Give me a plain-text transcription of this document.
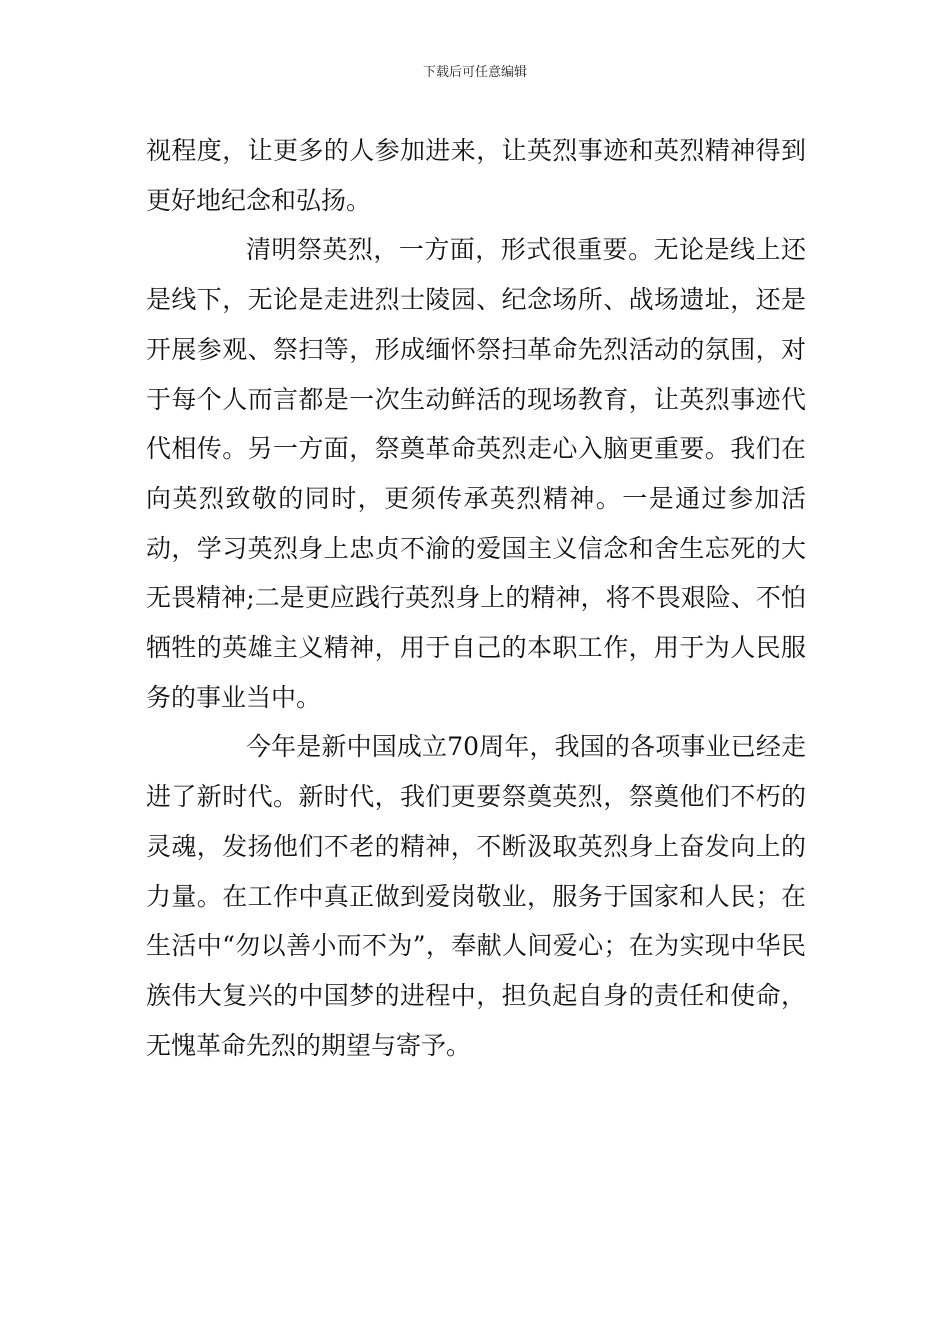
下载后可任意编辑

视程度，让更多的人参加进来，让英烈事迹和英烈精神得到更好地纪念和弘扬。

清明祭英烈，一方面，形式很重要。无论是线上还是线下，无论是走进烈士陵园、纪念场所、战场遗址，还是开展参观、祭扫等，形成缅怀祭扫革命先烈活动的氛围，对于每个人而言都是一次生动鲜活的现场教育，让英烈事迹代代相传。另一方面，祭奠革命英烈走心入脑更重要。我们在向英烈致敬的同时，更须传承英烈精神。一是通过参加活动，学习英烈身上忠贞不渝的爱国主义信念和舍生忘死的大无畏精神;二是更应践行英烈身上的精神，将不畏艰险、不怕牺牲的英雄主义精神，用于自己的本职工作，用于为人民服务的事业当中。

今年是新中国成立70周年，我国的各项事业已经走进了新时代。新时代，我们更要祭奠英烈，祭奠他们不朽的灵魂，发扬他们不老的精神，不断汲取英烈身上奋发向上的力量。在工作中真正做到爱岗敬业，服务于国家和人民；在生活中“勿以善小而不为”，奉献人间爱心；在为实现中华民族伟大复兴的中国梦的进程中，担负起自身的责任和使命，无愧革命先烈的期望与寄予。
